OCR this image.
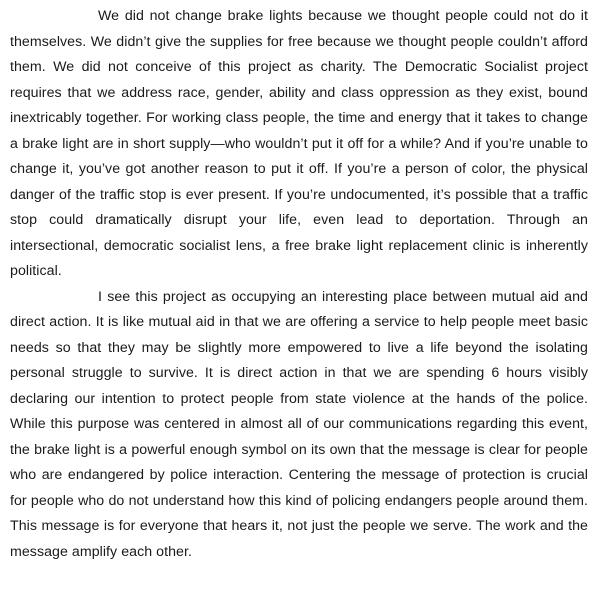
We did not change brake lights because we thought people could not do it themselves. We didn’t give the supplies for free because we thought people couldn’t afford them. We did not conceive of this project as charity. The Democratic Socialist project requires that we address race, gender, ability and class oppression as they exist, bound inextricably together. For working class people, the time and energy that it takes to change a brake light are in short supply—who wouldn’t put it off for a while? And if you’re unable to change it, you’ve got another reason to put it off. If you’re a person of color, the physical danger of the traffic stop is ever present. If you’re undocumented, it’s possible that a traffic stop could dramatically disrupt your life, even lead to deportation. Through an intersectional, democratic socialist lens, a free brake light replacement clinic is inherently political.

I see this project as occupying an interesting place between mutual aid and direct action. It is like mutual aid in that we are offering a service to help people meet basic needs so that they may be slightly more empowered to live a life beyond the isolating personal struggle to survive. It is direct action in that we are spending 6 hours visibly declaring our intention to protect people from state violence at the hands of the police. While this purpose was centered in almost all of our communications regarding this event, the brake light is a powerful enough symbol on its own that the message is clear for people who are endangered by police interaction. Centering the message of protection is crucial for people who do not understand how this kind of policing endangers people around them. This message is for everyone that hears it, not just the people we serve. The work and the message amplify each other.
